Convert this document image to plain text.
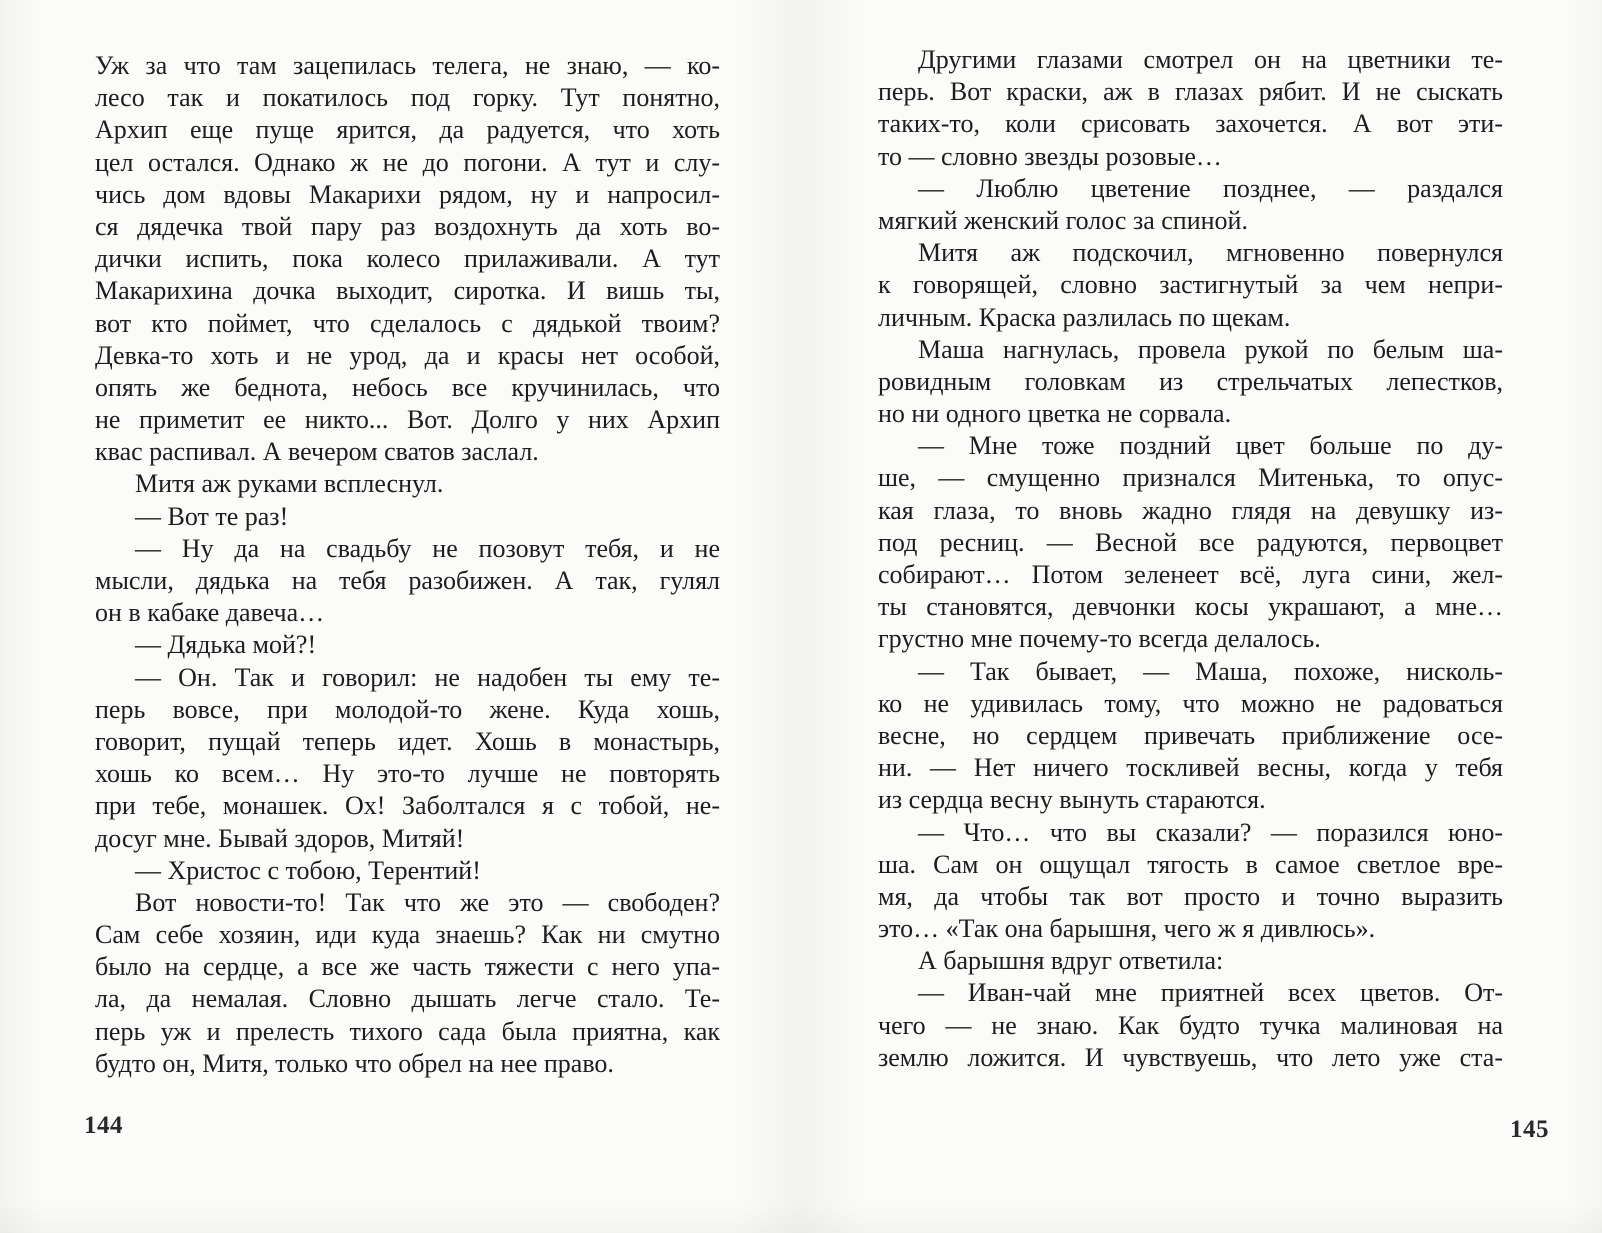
Уж за что там зацепилась телега, не знаю, — ко-
лесо так и покатилось под горку. Тут понятно,
Архип еще пуще ярится, да радуется, что хоть
цел остался. Однако ж не до погони. А тут и слу-
чись дом вдовы Макарихи рядом, ну и напросил-
ся дядечка твой пару раз воздохнуть да хоть во-
дички испить, пока колесо прилаживали. А тут
Макарихина дочка выходит, сиротка. И вишь ты,
вот кто поймет, что сделалось с дядькой твоим?
Девка-то хоть и не урод, да и красы нет особой,
опять же беднота, небось все кручинилась, что
не приметит ее никто... Вот. Долго у них Архип
квас распивал. А вечером сватов заслал.
Митя аж руками всплеснул.
— Вот те раз!
— Ну да на свадьбу не позовут тебя, и не
мысли, дядька на тебя разобижен. А так, гулял
он в кабаке давеча…
— Дядька мой?!
— Он. Так и говорил: не надобен ты ему те-
перь вовсе, при молодой-то жене. Куда хошь,
говорит, пущай теперь идет. Хошь в монастырь,
хошь ко всем… Ну это-то лучше не повторять
при тебе, монашек. Ох! Заболтался я с тобой, не-
досуг мне. Бывай здоров, Митяй!
— Христос с тобою, Терентий!
Вот новости-то! Так что же это — свободен?
Сам себе хозяин, иди куда знаешь? Как ни смутно
было на сердце, а все же часть тяжести с него упа-
ла, да немалая. Словно дышать легче стало. Те-
перь уж и прелесть тихого сада была приятна, как
будто он, Митя, только что обрел на нее право.
144
Другими глазами смотрел он на цветники те-
перь. Вот краски, аж в глазах рябит. И не сыскать
таких-то, коли срисовать захочется. А вот эти-
то — словно звезды розовые…
— Люблю цветение позднее, — раздался
мягкий женский голос за спиной.
Митя аж подскочил, мгновенно повернулся
к говорящей, словно застигнутый за чем непри-
личным. Краска разлилась по щекам.
Маша нагнулась, провела рукой по белым ша-
ровидным головкам из стрельчатых лепестков,
но ни одного цветка не сорвала.
— Мне тоже поздний цвет больше по ду-
ше, — смущенно признался Митенька, то опус-
кая глаза, то вновь жадно глядя на девушку из-
под ресниц. — Весной все радуются, первоцвет
собирают… Потом зеленеет всё, луга сини, жел-
ты становятся, девчонки косы украшают, а мне…
грустно мне почему-то всегда делалось.
— Так бывает, — Маша, похоже, нисколь-
ко не удивилась тому, что можно не радоваться
весне, но сердцем привечать приближение осе-
ни. — Нет ничего тоскливей весны, когда у тебя
из сердца весну вынуть стараются.
— Что… что вы сказали? — поразился юно-
ша. Сам он ощущал тягость в самое светлое вре-
мя, да чтобы так вот просто и точно выразить
это… «Так она барышня, чего ж я дивлюсь».
А барышня вдруг ответила:
— Иван-чай мне приятней всех цветов. От-
чего — не знаю. Как будто тучка малиновая на
землю ложится. И чувствуешь, что лето уже ста-
145
